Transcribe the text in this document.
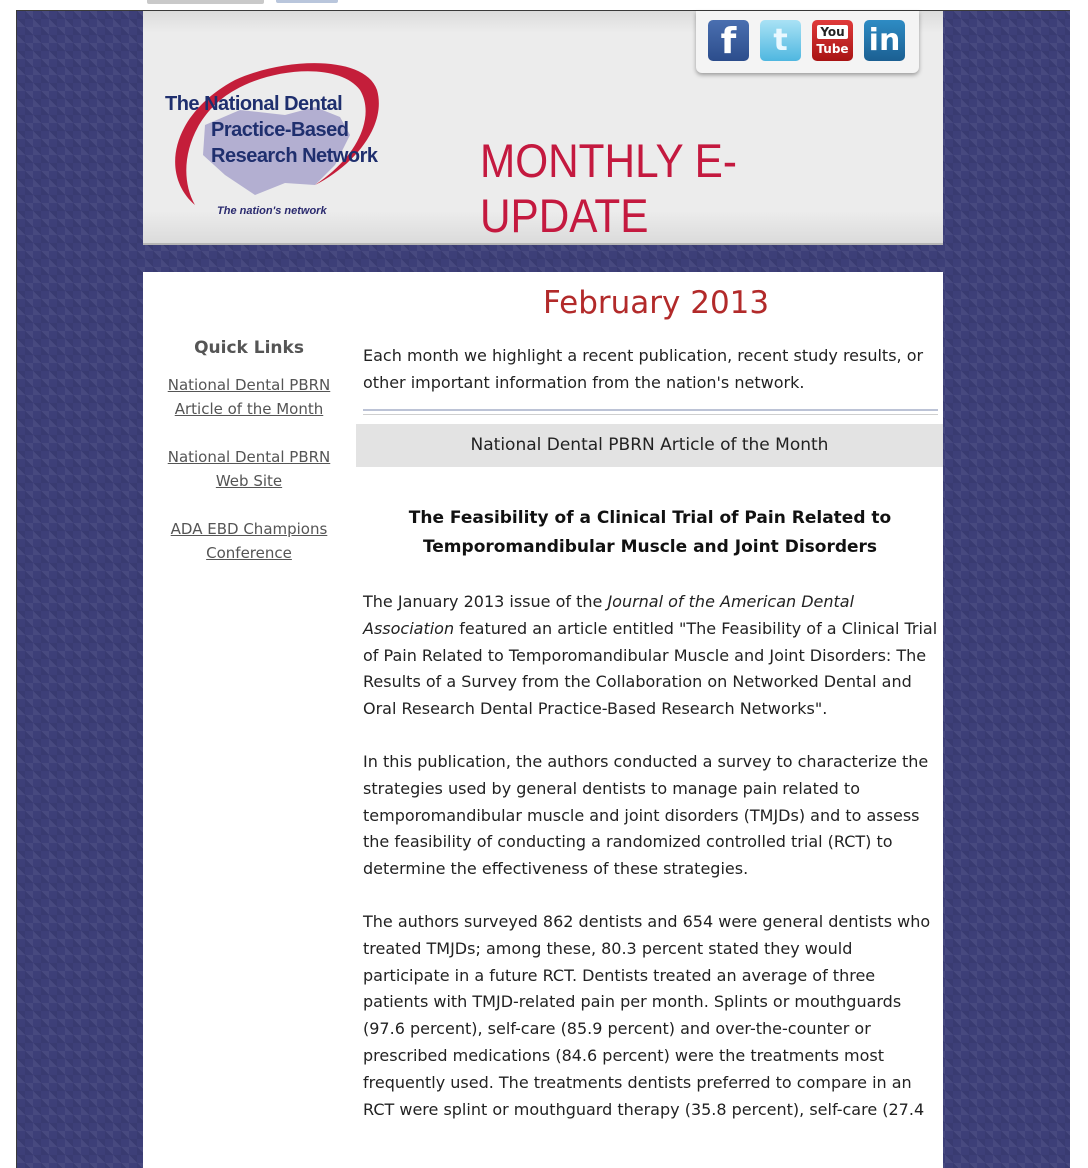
f	t	You
Tube in
The National Dental
Practice-Based
Research Network
The nation's network
MONTHLY E-UPDATE
February 2013
Quick Links
National Dental PBRN
Article of the Month
National Dental PBRN
Web Site
ADA EBD Champions
Conference
Each month we highlight a recent publication, recent study results, or other important information from the nation's network.
National Dental PBRN Article of the Month
The Feasibility of a Clinical Trial of Pain Related to
Temporomandibular Muscle and Joint Disorders

The January 2013 issue of the Journal of the American Dental Association featured an article entitled "The Feasibility of a Clinical Trial of Pain Related to Temporomandibular Muscle and Joint Disorders: The Results of a Survey from the Collaboration on Networked Dental and Oral Research Dental Practice-Based Research Networks".

In this publication, the authors conducted a survey to characterize the strategies used by general dentists to manage pain related to temporomandibular muscle and joint disorders (TMJDs) and to assess the feasibility of conducting a randomized controlled trial (RCT) to determine the effectiveness of these strategies.

The authors surveyed 862 dentists and 654 were general dentists who treated TMJDs; among these, 80.3 percent stated they would participate in a future RCT. Dentists treated an average of three patients with TMJD-related pain per month. Splints or mouthguards (97.6 percent), self-care (85.9 percent) and over-the-counter or prescribed medications (84.6 percent) were the treatments most frequently used. The treatments dentists preferred to compare in an RCT were splint or mouthguard therapy (35.8 percent), self-care (27.4
